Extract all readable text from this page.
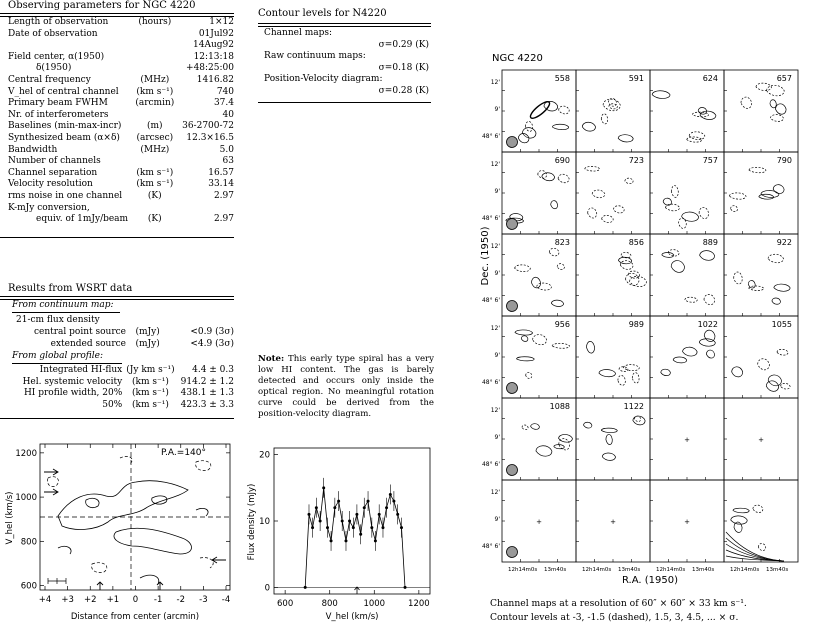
Observing parameters for NGC 4220
Length of observation	(hours)	1×12
Date of observation		01Jul92
		14Aug92
Field center, α(1950)		12:13:18
δ(1950)		+48:25:00
Central frequency	(MHz)	1416.82
V_hel of central channel	(km s⁻¹)	740
Primary beam FWHM	(arcmin)	37.4
Nr. of interferometers		40
Baselines (min-max-incr)	(m)	36-2700-72
Synthesized beam (α×δ)	(arcsec)	12.3×16.5
Bandwidth	(MHz)	5.0
Number of channels		63
Channel separation	(km s⁻¹)	16.57
Velocity resolution	(km s⁻¹)	33.14
rms noise in one channel	(K)	2.97
K-mJy conversion,		
equiv. of 1mJy/beam	(K)	2.97
Contour levels for N4220
Channel maps:
σ=0.29 (K)
Raw continuum maps:
σ=0.18 (K)
Position-Velocity diagram:
σ=0.28 (K)
Results from WSRT data
From continuum map:
21-cm flux density
central point source	(mJy)	<0.9 (3σ)
extended source	(mJy)	<4.9 (3σ)
From global profile:
Integrated HI-flux	(Jy km s⁻¹)	4.4 ± 0.3
Hel. systemic velocity	(km s⁻¹)	914.2 ± 1.2
HI profile width, 20%	(km s⁻¹)	438.1 ± 1.3
50%	(km s⁻¹)	423.3 ± 3.3
Note: This early type spiral has a very low HI content. The gas is barely detected and occurs only inside the optical region. No meaningful rotation curve could be derived from the position-velocity diagram.
P.A.=140°
600
800
1000
1200
+4 +3 +2 +1 0 -1 -2 -3 -4
V_hel (km/s)
Distance from center (arcmin)
0
10
20
600	800	1000	1200
Flux density (mJy)
V_hel (km/s)
NGC 4220
558
12'
9'
48° 6'
591	624	657
690
12'
9'
48° 6'
723	757	790
823
12'
9'
48° 6'
856	889	922
956
12'
9'
48° 6'
989	1022	1055
1088
12'
9'
48° 6'
1122
+	+
+
12'
9'
48° 6'
12h14m0s 13m40s
+
12h14m0s 13m40s
+
12h14m0s 13m40s	12h14m0s 13m40s
R.A. (1950)
Dec. (1950)
Channel maps at a resolution of 60″ × 60″ × 33 km s⁻¹.
Contour levels at -3, -1.5 (dashed), 1.5, 3, 4.5, ... × σ.
